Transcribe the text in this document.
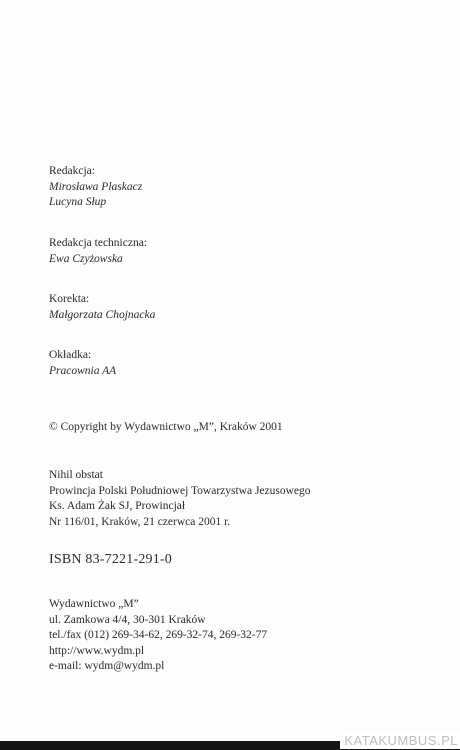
Redakcja:
Mirosława Plaskacz
Lucyna Słup
Redakcja techniczna:
Ewa Czyżowska
Korekta:
Małgorzata Chojnacka
Okładka:
Pracownia AA
© Copyright by Wydawnictwo „M”, Kraków 2001
Nihil obstat
Prowincja Polski Południowej Towarzystwa Jezusowego
Ks. Adam Żak SJ, Prowincjał
Nr 116/01, Kraków, 21 czerwca 2001 r.
ISBN 83-7221-291-0
Wydawnictwo „M”
ul. Zamkowa 4/4, 30-301 Kraków
tel./fax (012) 269-34-62, 269-32-74, 269-32-77
http://www.wydm.pl
e-mail: wydm@wydm.pl
KATAKUMBUS.PL
